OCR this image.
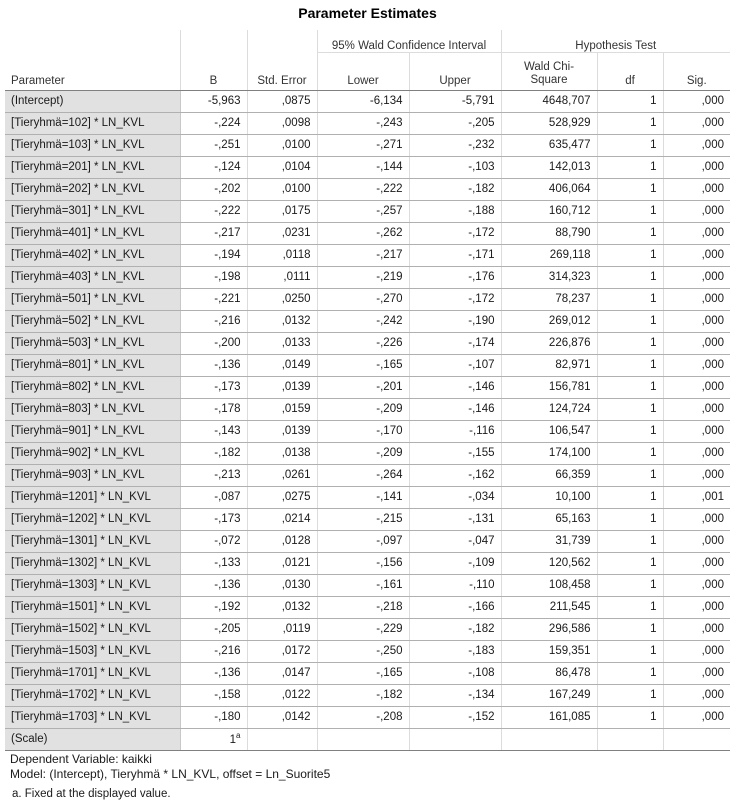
Parameter Estimates
			95% Wald Confidence Interval		Hypothesis Test		
Parameter	B	Std. Error	Lower	Upper	Wald Chi-Square	df	Sig.
(Intercept)	-5,963	,0875	-6,134	-5,791	4648,707	1	,000
[Tieryhmä=102] * LN_KVL	-,224	,0098	-,243	-,205	528,929	1	,000
[Tieryhmä=103] * LN_KVL	-,251	,0100	-,271	-,232	635,477	1	,000
[Tieryhmä=201] * LN_KVL	-,124	,0104	-,144	-,103	142,013	1	,000
[Tieryhmä=202] * LN_KVL	-,202	,0100	-,222	-,182	406,064	1	,000
[Tieryhmä=301] * LN_KVL	-,222	,0175	-,257	-,188	160,712	1	,000
[Tieryhmä=401] * LN_KVL	-,217	,0231	-,262	-,172	88,790	1	,000
[Tieryhmä=402] * LN_KVL	-,194	,0118	-,217	-,171	269,118	1	,000
[Tieryhmä=403] * LN_KVL	-,198	,0111	-,219	-,176	314,323	1	,000
[Tieryhmä=501] * LN_KVL	-,221	,0250	-,270	-,172	78,237	1	,000
[Tieryhmä=502] * LN_KVL	-,216	,0132	-,242	-,190	269,012	1	,000
[Tieryhmä=503] * LN_KVL	-,200	,0133	-,226	-,174	226,876	1	,000
[Tieryhmä=801] * LN_KVL	-,136	,0149	-,165	-,107	82,971	1	,000
[Tieryhmä=802] * LN_KVL	-,173	,0139	-,201	-,146	156,781	1	,000
[Tieryhmä=803] * LN_KVL	-,178	,0159	-,209	-,146	124,724	1	,000
[Tieryhmä=901] * LN_KVL	-,143	,0139	-,170	-,116	106,547	1	,000
[Tieryhmä=902] * LN_KVL	-,182	,0138	-,209	-,155	174,100	1	,000
[Tieryhmä=903] * LN_KVL	-,213	,0261	-,264	-,162	66,359	1	,000
[Tieryhmä=1201] * LN_KVL	-,087	,0275	-,141	-,034	10,100	1	,001
[Tieryhmä=1202] * LN_KVL	-,173	,0214	-,215	-,131	65,163	1	,000
[Tieryhmä=1301] * LN_KVL	-,072	,0128	-,097	-,047	31,739	1	,000
[Tieryhmä=1302] * LN_KVL	-,133	,0121	-,156	-,109	120,562	1	,000
[Tieryhmä=1303] * LN_KVL	-,136	,0130	-,161	-,110	108,458	1	,000
[Tieryhmä=1501] * LN_KVL	-,192	,0132	-,218	-,166	211,545	1	,000
[Tieryhmä=1502] * LN_KVL	-,205	,0119	-,229	-,182	296,586	1	,000
[Tieryhmä=1503] * LN_KVL	-,216	,0172	-,250	-,183	159,351	1	,000
[Tieryhmä=1701] * LN_KVL	-,136	,0147	-,165	-,108	86,478	1	,000
[Tieryhmä=1702] * LN_KVL	-,158	,0122	-,182	-,134	167,249	1	,000
[Tieryhmä=1703] * LN_KVL	-,180	,0142	-,208	-,152	161,085	1	,000
(Scale)	1$^a$						
Dependent Variable: kaikki
Model: (Intercept), Tieryhmä * LN_KVL, offset = Ln_Suorite5
a. Fixed at the displayed value.
